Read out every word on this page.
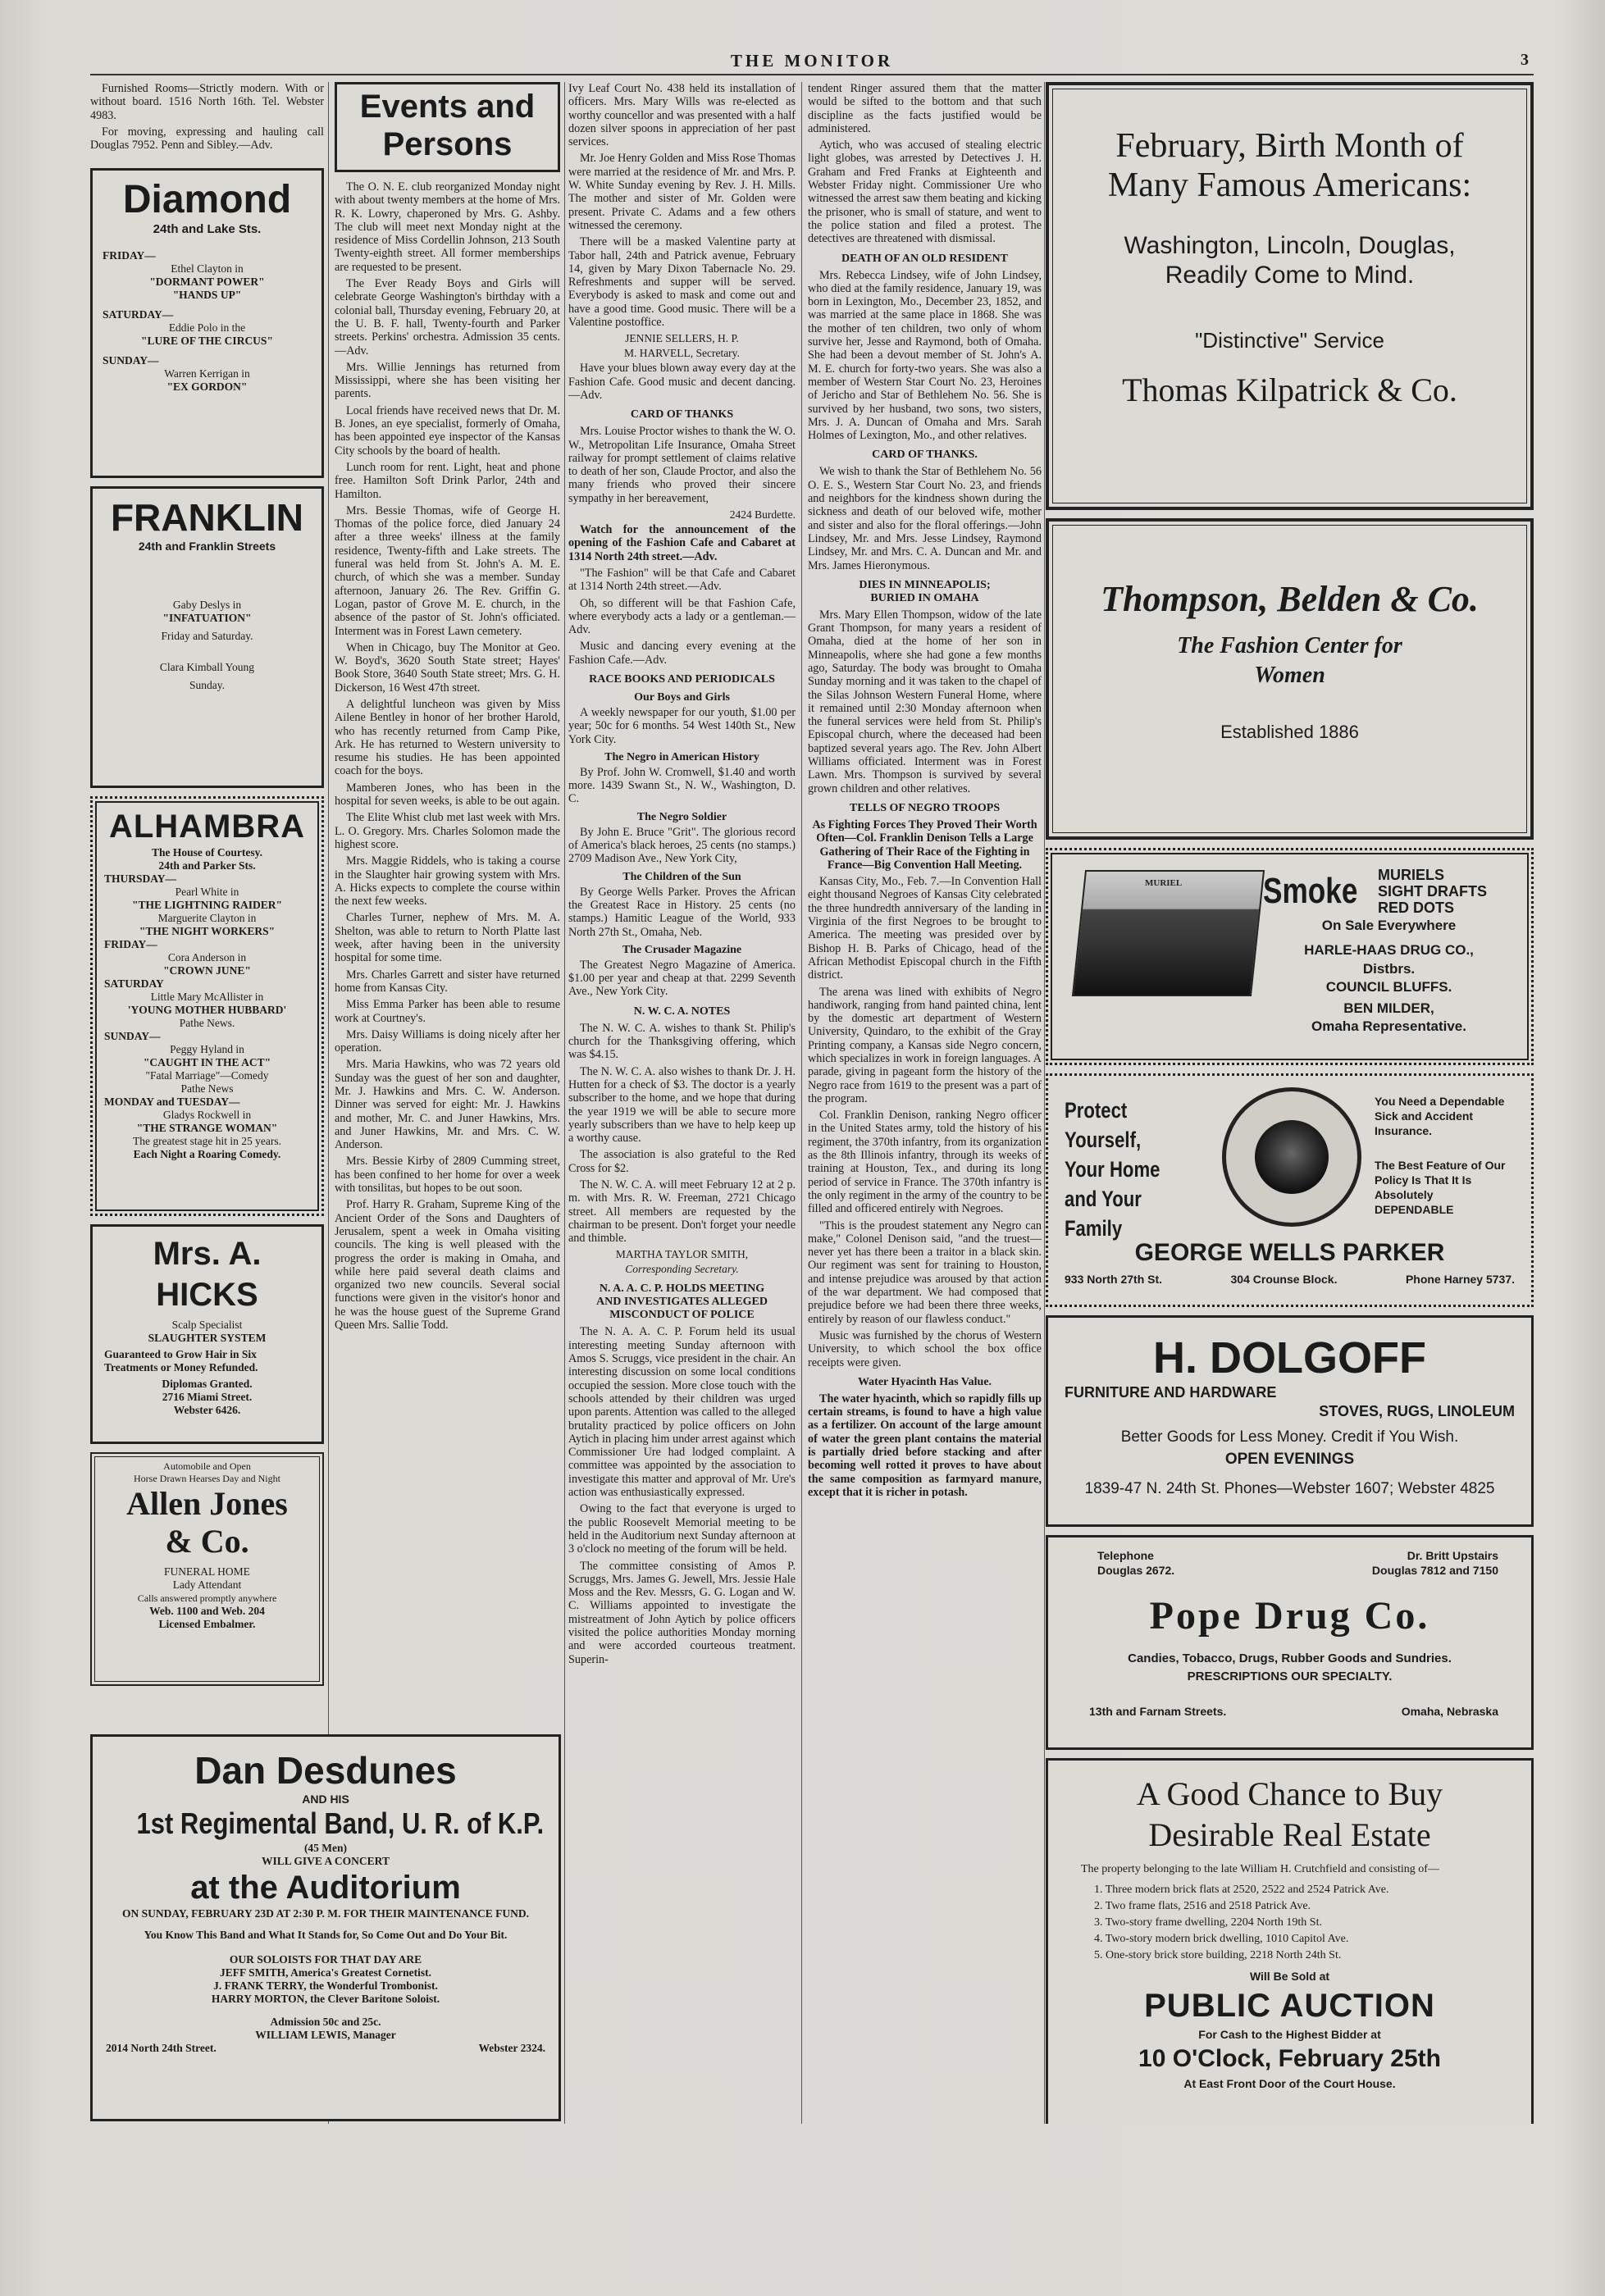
THE MONITOR	3

Furnished Rooms—Strictly modern. With or without board. 1516 North 16th. Tel. Webster 4983.

For moving, expressing and hauling call Douglas 7952. Penn and Sibley.—Adv.

Diamond
24th and Lake Sts.
FRIDAY—
Ethel Clayton in
"DORMANT POWER"
"HANDS UP"
SATURDAY—
Eddie Polo in the
"LURE OF THE CIRCUS"
SUNDAY—
Warren Kerrigan in
"EX GORDON"
FRANKLIN
24th and Franklin Streets
Gaby Deslys in
"INFATUATION"
Friday and Saturday.
Clara Kimball Young
Sunday.
ALHAMBRA
The House of Courtesy.
24th and Parker Sts.
THURSDAY—
Pearl White in
"THE LIGHTNING RAIDER"
Marguerite Clayton in
"THE NIGHT WORKERS"
FRIDAY—
Cora Anderson in
"CROWN JUNE"
SATURDAY
Little Mary McAllister in
'YOUNG MOTHER HUBBARD'
Pathe News.
SUNDAY—
Peggy Hyland in
"CAUGHT IN THE ACT"
"Fatal Marriage"—Comedy
Pathe News
MONDAY and TUESDAY—
Gladys Rockwell in
"THE STRANGE WOMAN"
The greatest stage hit in 25 years.
Each Night a Roaring Comedy.
Mrs. A. HICKS
Scalp Specialist
SLAUGHTER SYSTEM
Guaranteed to Grow Hair in Six Treatments or Money Refunded.
Diplomas Granted.
2716 Miami Street.
Webster 6426.
Automobile and Open
Horse Drawn Hearses Day and Night
Allen Jones
& Co.
FUNERAL HOME
Lady Attendant
Calls answered promptly anywhere
Web. 1100 and Web. 204
Licensed Embalmer.
Events and
Persons

The O. N. E. club reorganized Monday night with about twenty members at the home of Mrs. R. K. Lowry, chaperoned by Mrs. G. Ashby. The club will meet next Monday night at the residence of Miss Cordellin Johnson, 213 South Twenty-eighth street. All former memberships are requested to be present.

The Ever Ready Boys and Girls will celebrate George Washington's birthday with a colonial ball, Thursday evening, February 20, at the U. B. F. hall, Twenty-fourth and Parker streets. Perkins' orchestra. Admission 35 cents.—Adv.

Mrs. Willie Jennings has returned from Mississippi, where she has been visiting her parents.

Local friends have received news that Dr. M. B. Jones, an eye specialist, formerly of Omaha, has been appointed eye inspector of the Kansas City schools by the board of health.

Lunch room for rent. Light, heat and phone free. Hamilton Soft Drink Parlor, 24th and Hamilton.

Mrs. Bessie Thomas, wife of George H. Thomas of the police force, died January 24 after a three weeks' illness at the family residence, Twenty-fifth and Lake streets. The funeral was held from St. John's A. M. E. church, of which she was a member. Sunday afternoon, January 26. The Rev. Griffin G. Logan, pastor of Grove M. E. church, in the absence of the pastor of St. John's officiated. Interment was in Forest Lawn cemetery.

When in Chicago, buy The Monitor at Geo. W. Boyd's, 3620 South State street; Hayes' Book Store, 3640 South State street; Mrs. G. H. Dickerson, 16 West 47th street.

A delightful luncheon was given by Miss Ailene Bentley in honor of her brother Harold, who has recently returned from Camp Pike, Ark. He has returned to Western university to resume his studies. He has been appointed coach for the boys.

Mamberen Jones, who has been in the hospital for seven weeks, is able to be out again.

The Elite Whist club met last week with Mrs. L. O. Gregory. Mrs. Charles Solomon made the highest score.

Mrs. Maggie Riddels, who is taking a course in the Slaughter hair growing system with Mrs. A. Hicks expects to complete the course within the next few weeks.

Charles Turner, nephew of Mrs. M. A. Shelton, was able to return to North Platte last week, after having been in the university hospital for some time.

Mrs. Charles Garrett and sister have returned home from Kansas City.

Miss Emma Parker has been able to resume work at Courtney's.

Mrs. Daisy Williams is doing nicely after her operation.

Mrs. Maria Hawkins, who was 72 years old Sunday was the guest of her son and daughter, Mr. J. Hawkins and Mrs. C. W. Anderson. Dinner was served for eight: Mr. J. Hawkins and mother, Mr. C. and Juner Hawkins, Mrs. and Juner Hawkins, Mr. and Mrs. C. W. Anderson.

Mrs. Bessie Kirby of 2809 Cumming street, has been confined to her home for over a week with tonsilitas, but hopes to be out soon.

Prof. Harry R. Graham, Supreme King of the Ancient Order of the Sons and Daughters of Jerusalem, spent a week in Omaha visiting councils. The king is well pleased with the progress the order is making in Omaha, and while here paid several death claims and organized two new councils. Several social functions were given in the visitor's honor and he was the house guest of the Supreme Grand Queen Mrs. Sallie Todd.

Ivy Leaf Court No. 438 held its installation of officers. Mrs. Mary Wills was re-elected as worthy councellor and was presented with a half dozen silver spoons in appreciation of her past services.

Mr. Joe Henry Golden and Miss Rose Thomas were married at the residence of Mr. and Mrs. P. W. White Sunday evening by Rev. J. H. Mills. The mother and sister of Mr. Golden were present. Private C. Adams and a few others witnessed the ceremony.

There will be a masked Valentine party at Tabor hall, 24th and Patrick avenue, February 14, given by Mary Dixon Tabernacle No. 29. Refreshments and supper will be served. Everybody is asked to mask and come out and have a good time. Good music. There will be a Valentine postoffice.

JENNIE SELLERS, H. P.
M. HARVELL, Secretary.

Have your blues blown away every day at the Fashion Cafe. Good music and decent dancing.—Adv.

CARD OF THANKS

Mrs. Louise Proctor wishes to thank the W. O. W., Metropolitan Life Insurance, Omaha Street railway for prompt settlement of claims relative to death of her son, Claude Proctor, and also the many friends who proved their sincere sympathy in her bereavement,

2424 Burdette.

Watch for the announcement of the opening of the Fashion Cafe and Cabaret at 1314 North 24th street.—Adv.

"The Fashion" will be that Cafe and Cabaret at 1314 North 24th street.—Adv.

Oh, so different will be that Fashion Cafe, where everybody acts a lady or a gentleman.—Adv.

Music and dancing every evening at the Fashion Cafe.—Adv.

RACE BOOKS AND PERIODICALS
Our Boys and Girls

A weekly newspaper for our youth, $1.00 per year; 50c for 6 months. 54 West 140th St., New York City.

The Negro in American History

By Prof. John W. Cromwell, $1.40 and worth more. 1439 Swann St., N. W., Washington, D. C.

The Negro Soldier

By John E. Bruce "Grit". The glorious record of America's black heroes, 25 cents (no stamps.) 2709 Madison Ave., New York City,

The Children of the Sun

By George Wells Parker. Proves the African the Greatest Race in History. 25 cents (no stamps.) Hamitic League of the World, 933 North 27th St., Omaha, Neb.

The Crusader Magazine

The Greatest Negro Magazine of America. $1.00 per year and cheap at that. 2299 Seventh Ave., New York City.

N. W. C. A. NOTES

The N. W. C. A. wishes to thank St. Philip's church for the Thanksgiving offering, which was $4.15.

The N. W. C. A. also wishes to thank Dr. J. H. Hutten for a check of $3. The doctor is a yearly subscriber to the home, and we hope that during the year 1919 we will be able to secure more yearly subscribers than we have to help keep up a worthy cause.

The association is also grateful to the Red Cross for $2.

The N. W. C. A. will meet February 12 at 2 p. m. with Mrs. R. W. Freeman, 2721 Chicago street. All members are requested by the chairman to be present. Don't forget your needle and thimble.

MARTHA TAYLOR SMITH,
Corresponding Secretary.
N. A. A. C. P. HOLDS MEETING
AND INVESTIGATES ALLEGED
MISCONDUCT OF POLICE

The N. A. A. C. P. Forum held its usual interesting meeting Sunday afternoon with Amos S. Scruggs, vice president in the chair. An interesting discussion on some local conditions occupied the session. More close touch with the schools attended by their children was urged upon parents. Attention was called to the alleged brutality practiced by police officers on John Aytich in placing him under arrest against which Commissioner Ure had lodged complaint. A committee was appointed by the association to investigate this matter and approval of Mr. Ure's action was enthusiastically expressed.

Owing to the fact that everyone is urged to the public Roosevelt Memorial meeting to be held in the Auditorium next Sunday afternoon at 3 o'clock no meeting of the forum will be held.

The committee consisting of Amos P. Scruggs, Mrs. James G. Jewell, Mrs. Jessie Hale Moss and the Rev. Messrs, G. G. Logan and W. C. Williams appointed to investigate the mistreatment of John Aytich by police officers visited the police authorities Monday morning and were accorded courteous treatment. Superin-

tendent Ringer assured them that the matter would be sifted to the bottom and that such discipline as the facts justified would be administered.

Aytich, who was accused of stealing electric light globes, was arrested by Detectives J. H. Graham and Fred Franks at Eighteenth and Webster Friday night. Commissioner Ure who witnessed the arrest saw them beating and kicking the prisoner, who is small of stature, and went to the police station and filed a protest. The detectives are threatened with dismissal.

DEATH OF AN OLD RESIDENT

Mrs. Rebecca Lindsey, wife of John Lindsey, who died at the family residence, January 19, was born in Lexington, Mo., December 23, 1852, and was married at the same place in 1868. She was the mother of ten children, two only of whom survive her, Jesse and Raymond, both of Omaha. She had been a devout member of St. John's A. M. E. church for forty-two years. She was also a member of Western Star Court No. 23, Heroines of Jericho and Star of Bethlehem No. 56. She is survived by her husband, two sons, two sisters, Mrs. J. A. Duncan of Omaha and Mrs. Sarah Holmes of Lexington, Mo., and other relatives.

CARD OF THANKS.

We wish to thank the Star of Bethlehem No. 56 O. E. S., Western Star Court No. 23, and friends and neighbors for the kindness shown during the sickness and death of our beloved wife, mother and sister and also for the floral offerings.—John Lindsey, Mr. and Mrs. Jesse Lindsey, Raymond Lindsey, Mr. and Mrs. C. A. Duncan and Mr. and Mrs. James Hieronymous.

DIES IN MINNEAPOLIS;
BURIED IN OMAHA

Mrs. Mary Ellen Thompson, widow of the late Grant Thompson, for many years a resident of Omaha, died at the home of her son in Minneapolis, where she had gone a few months ago, Saturday. The body was brought to Omaha Sunday morning and it was taken to the chapel of the Silas Johnson Western Funeral Home, where it remained until 2:30 Monday afternoon when the funeral services were held from St. Philip's Episcopal church, where the deceased had been baptized several years ago. The Rev. John Albert Williams officiated. Interment was in Forest Lawn. Mrs. Thompson is survived by several grown children and other relatives.

TELLS OF NEGRO TROOPS

As Fighting Forces They Proved Their Worth Often—Col. Franklin Denison Tells a Large Gathering of Their Race of the Fighting in France—Big Convention Hall Meeting.

Kansas City, Mo., Feb. 7.—In Convention Hall eight thousand Negroes of Kansas City celebrated the three hundredth anniversary of the landing in Virginia of the first Negroes to be brought to America. The meeting was presided over by Bishop H. B. Parks of Chicago, head of the African Methodist Episcopal church in the Fifth district.

The arena was lined with exhibits of Negro handiwork, ranging from hand painted china, lent by the domestic art department of Western University, Quindaro, to the exhibit of the Gray Printing company, a Kansas side Negro concern, which specializes in work in foreign languages. A parade, giving in pageant form the history of the Negro race from 1619 to the present was a part of the program.

Col. Franklin Denison, ranking Negro officer in the United States army, told the history of his regiment, the 370th infantry, from its organization as the 8th Illinois infantry, through its weeks of training at Houston, Tex., and during its long period of service in France. The 370th infantry is the only regiment in the army of the country to be filled and officered entirely with Negroes.

"This is the proudest statement any Negro can make," Colonel Denison said, "and the truest—never yet has there been a traitor in a black skin. Our regiment was sent for training to Houston, and intense prejudice was aroused by that action of the war department. We had composed that prejudice before we had been there three weeks, entirely by reason of our flawless conduct."

Music was furnished by the chorus of Western University, to which school the box office receipts were given.

Water Hyacinth Has Value.

The water hyacinth, which so rapidly fills up certain streams, is found to have a high value as a fertilizer. On account of the large amount of water the green plant contains the material is partially dried before stacking and after becoming well rotted it proves to have about the same composition as farmyard manure, except that it is richer in potash.

Dan Desdunes
AND HIS
1st Regimental Band, U. R. of K.P.
(45 Men)
WILL GIVE A CONCERT
at the Auditorium
ON SUNDAY, FEBRUARY 23D AT 2:30 P. M. FOR THEIR MAINTENANCE FUND.
You Know This Band and What It Stands for, So Come Out and Do Your Bit.
OUR SOLOISTS FOR THAT DAY ARE
JEFF SMITH, America's Greatest Cornetist.
J. FRANK TERRY, the Wonderful Trombonist.
HARRY MORTON, the Clever Baritone Soloist.
Admission 50c and 25c.
WILLIAM LEWIS, Manager
2014 North 24th Street.	Webster 2324.
February, Birth Month of
Many Famous Americans:
Washington, Lincoln, Douglas,
Readily Come to Mind.
"Distinctive" Service
Thomas Kilpatrick & Co.
Thompson, Belden & Co.
The Fashion Center for
Women
Established 1886
MURIEL Smoke MURIELS
SIGHT DRAFTS
RED DOTS
On Sale Everywhere
HARLE-HAAS DRUG CO.,
Distbrs.
COUNCIL BLUFFS.
BEN MILDER,
Omaha Representative.
Protect Yourself, Your Home and Your Family
You Need a Dependable Sick and Accident Insurance.
The Best Feature of Our Policy Is That It Is Absolutely DEPENDABLE
GEORGE WELLS PARKER
933 North 27th St.	304 Crounse Block.	Phone Harney 5737.
H. DOLGOFF
FURNITURE AND HARDWARE
STOVES, RUGS, LINOLEUM
Better Goods for Less Money. Credit if You Wish.
OPEN EVENINGS
1839-47 N. 24th St. Phones—Webster 1607; Webster 4825
Telephone
Douglas 2672.
Dr. Britt Upstairs
Douglas 7812 and 7150
Pope Drug Co.
Candies, Tobacco, Drugs, Rubber Goods and Sundries.
PRESCRIPTIONS OUR SPECIALTY.
13th and Farnam Streets.	Omaha, Nebraska
A Good Chance to Buy
Desirable Real Estate
The property belonging to the late William H. Crutchfield and consisting of—
1. Three modern brick flats at 2520, 2522 and 2524 Patrick Ave.
2. Two frame flats, 2516 and 2518 Patrick Ave.
3. Two-story frame dwelling, 2204 North 19th St.
4. Two-story modern brick dwelling, 1010 Capitol Ave.
5. One-story brick store building, 2218 North 24th St.
Will Be Sold at
PUBLIC AUCTION
For Cash to the Highest Bidder at
10 O'Clock, February 25th
At East Front Door of the Court House.
